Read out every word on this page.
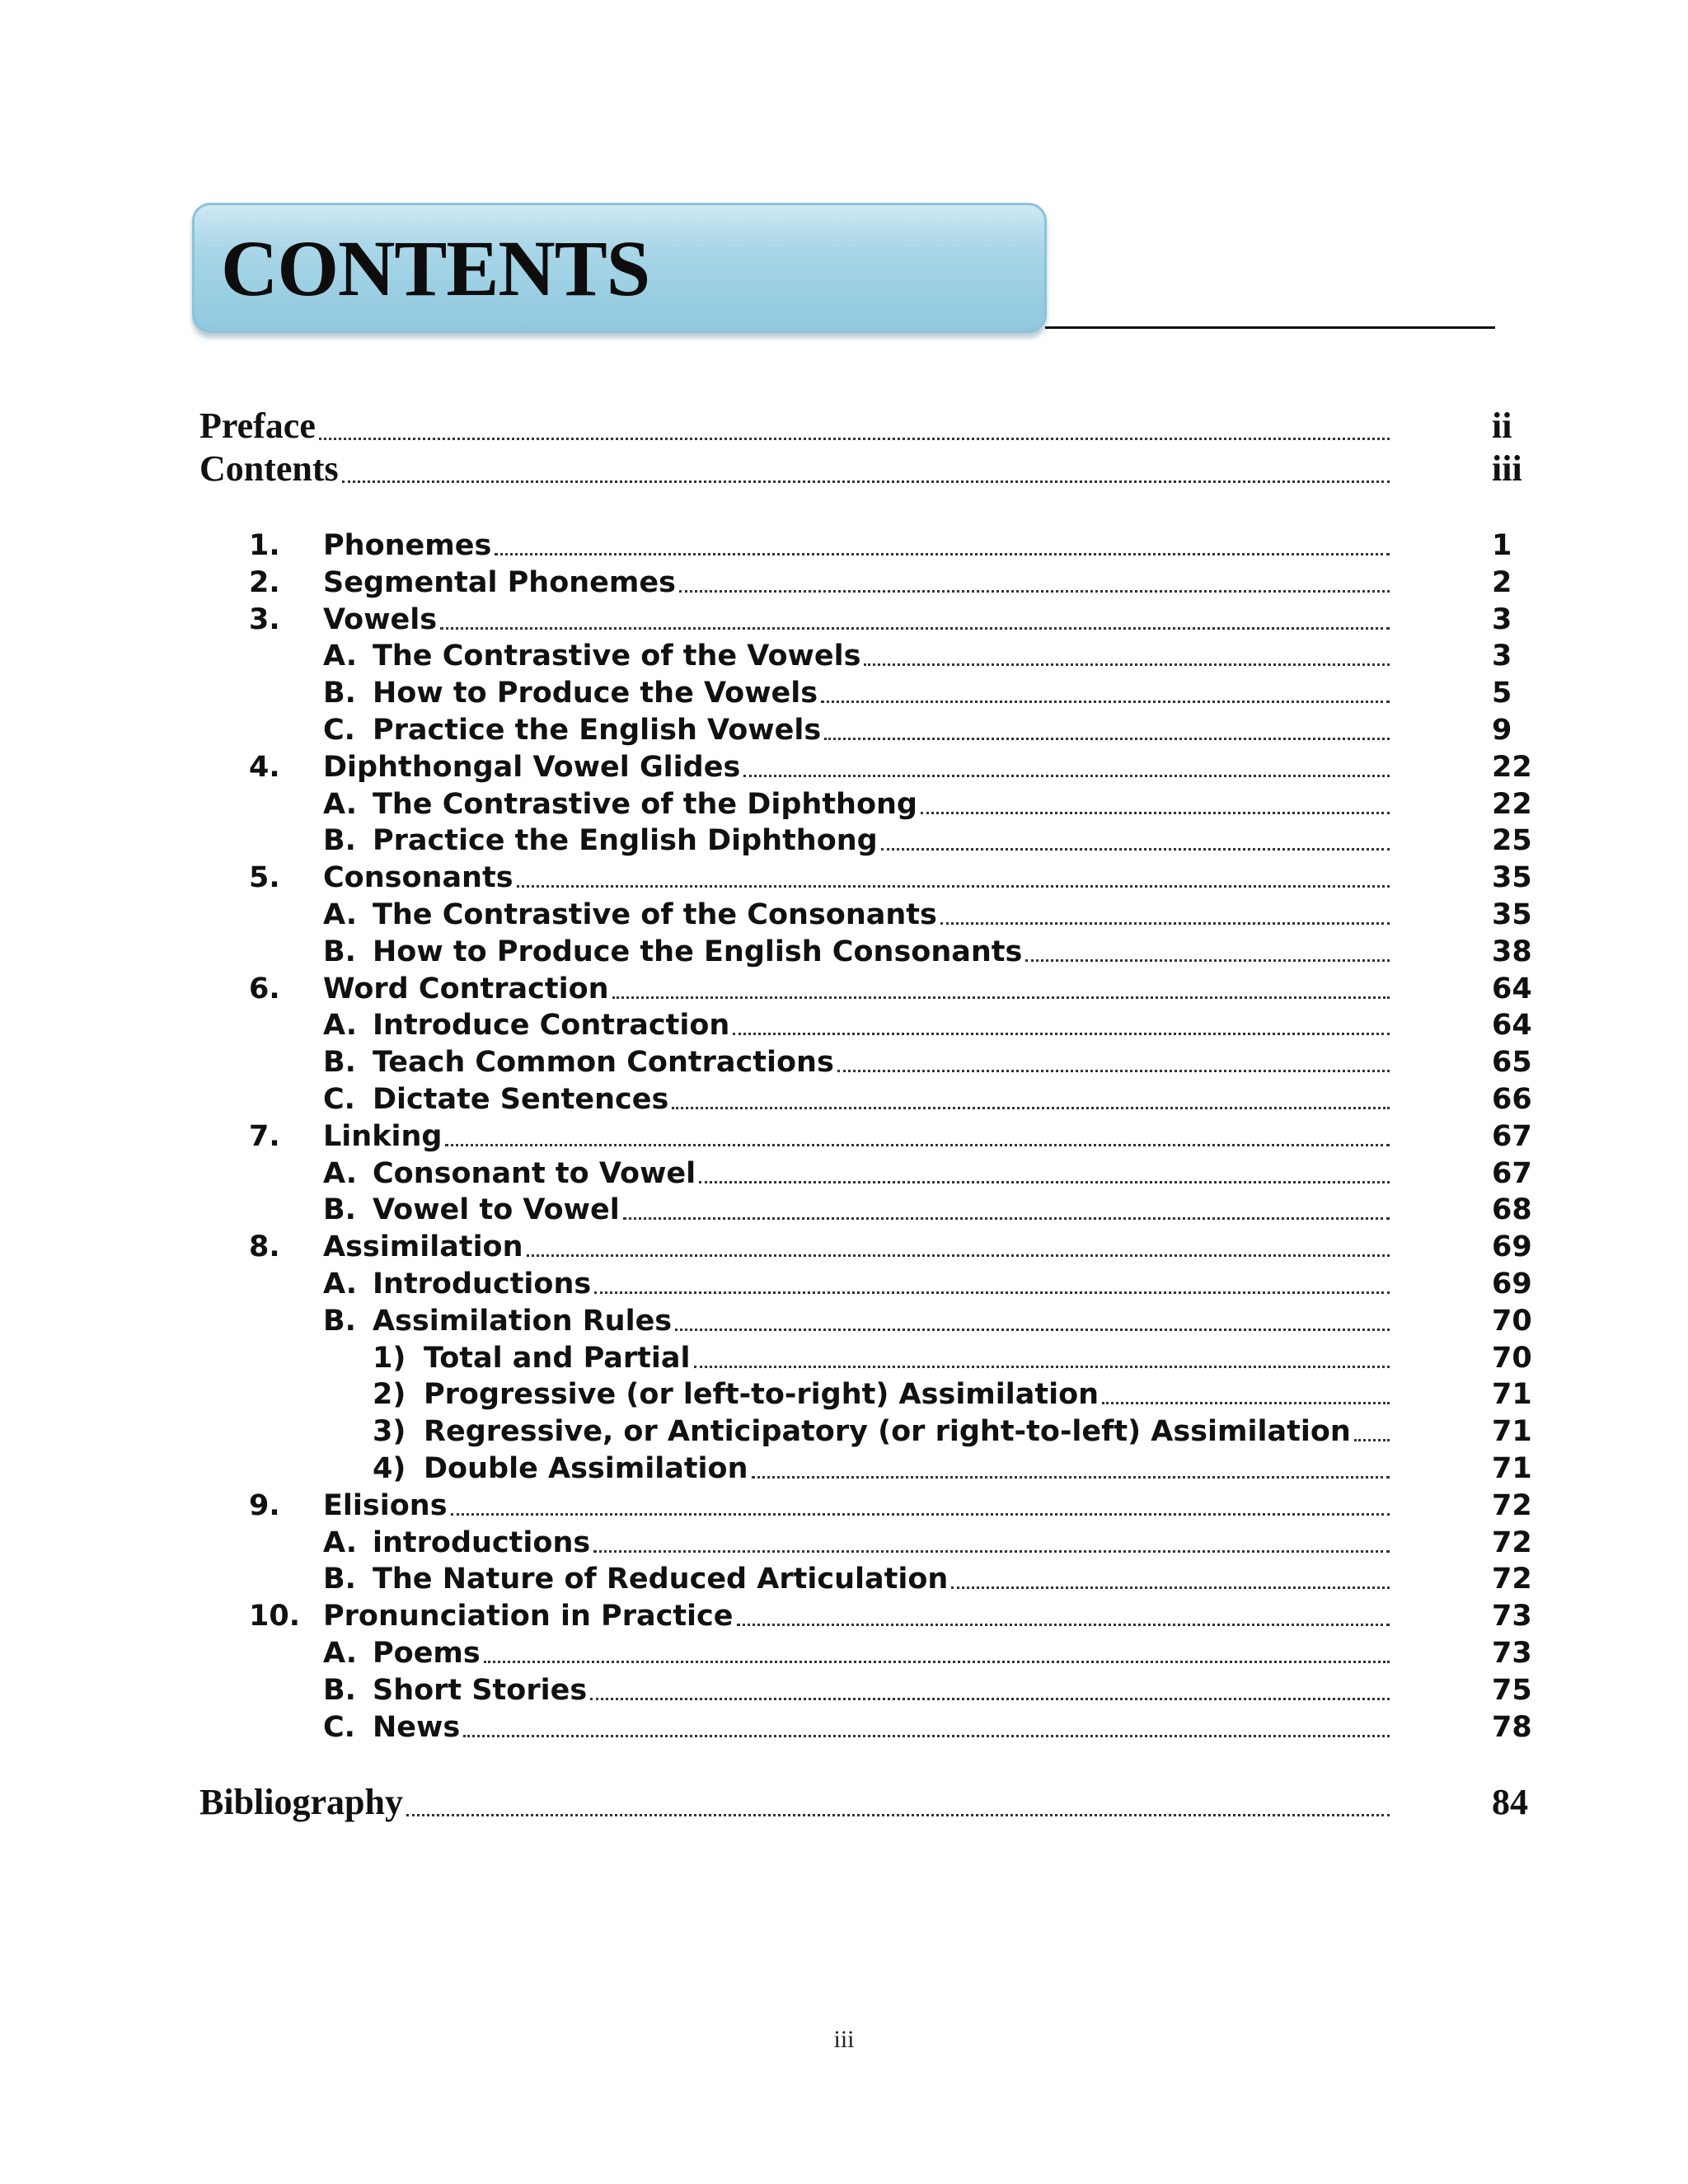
CONTENTS
Preface	ii
Contents	iii
1.	Phonemes	1
2.	Segmental Phonemes	2
3.	Vowels	3
A. The Contrastive of the Vowels	3
B. How to Produce the Vowels	5
C. Practice the English Vowels	9
4.	Diphthongal Vowel Glides	22
A. The Contrastive of the Diphthong	22
B. Practice the English Diphthong	25
5.	Consonants	35
A. The Contrastive of the Consonants	35
B. How to Produce the English Consonants	38
6.	Word Contraction	64
A. Introduce Contraction	64
B. Teach Common Contractions	65
C. Dictate Sentences	66
7.	Linking	67
A. Consonant to Vowel	67
B. Vowel to Vowel	68
8.	Assimilation	69
A. Introductions	69
B. Assimilation Rules	70
1) Total and Partial	70
2) Progressive (or left-to-right) Assimilation	71
3) Regressive, or Anticipatory (or right-to-left) Assimilation	71
4) Double Assimilation	71
9.	Elisions	72
A. introductions	72
B. The Nature of Reduced Articulation	72
10. Pronunciation in Practice	73
A. Poems	73
B. Short Stories	75
C. News	78
Bibliography	84
iii
